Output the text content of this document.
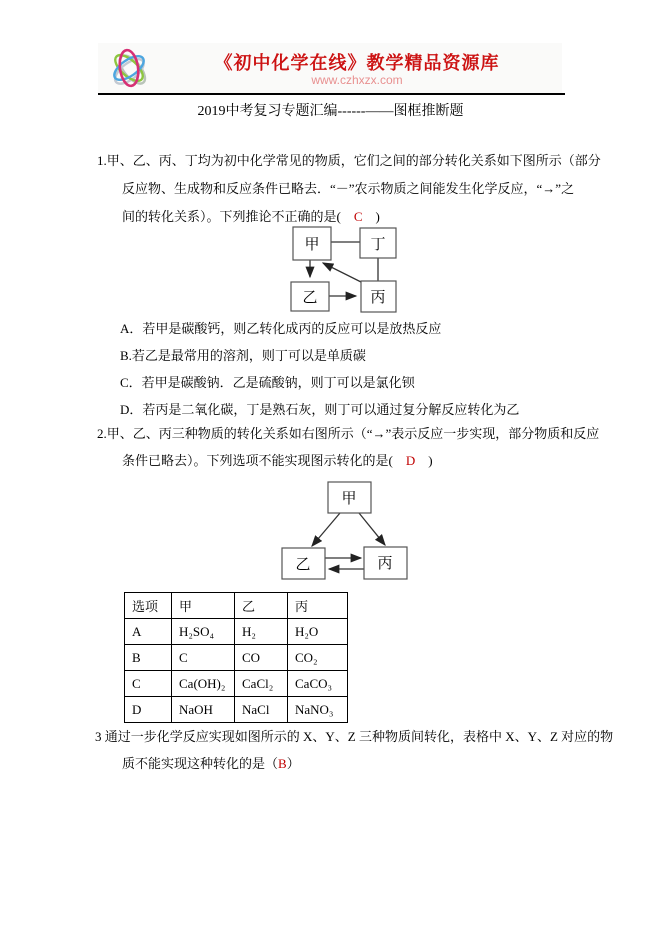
《初中化学在线》教学精品资源库
www.czhxzx.com
2019中考复习专题汇编------——图框推断题
1.甲、乙、丙、丁均为初中化学常见的物质，它们之间的部分转化关系如下图所示（部分
反应物、生成物和反应条件已略去．“－”农示物质之间能发生化学反应，“→”之
间的转化关系）。下列推论不正确的是(　C　)
甲	丁
乙	丙
A．若甲是碳酸钙，则乙转化成丙的反应可以是放热反应
B.若乙是最常用的溶剂，则丁可以是单质碳
C．若甲是碳酸钠．乙是硫酸钠，则丁可以是氯化钡
D．若丙是二氧化碳，丁是熟石灰，则丁可以通过复分解反应转化为乙
2.甲、乙、丙三种物质的转化关系如右图所示（“→”表示反应一步实现，部分物质和反应
条件已略去）。下列选项不能实现图示转化的是(　D　)
甲
乙	丙
选项	甲	乙	丙
A	H₂SO₄	H₂	H₂O
B	C	CO	CO₂
C	Ca(OH)₂	CaCl₂	CaCO₃
D	NaOH	NaCl	NaNO₃
3 通过一步化学反应实现如图所示的 X、Y、Z 三种物质间转化，表格中 X、Y、Z 对应的物
质不能实现这种转化的是（B）
